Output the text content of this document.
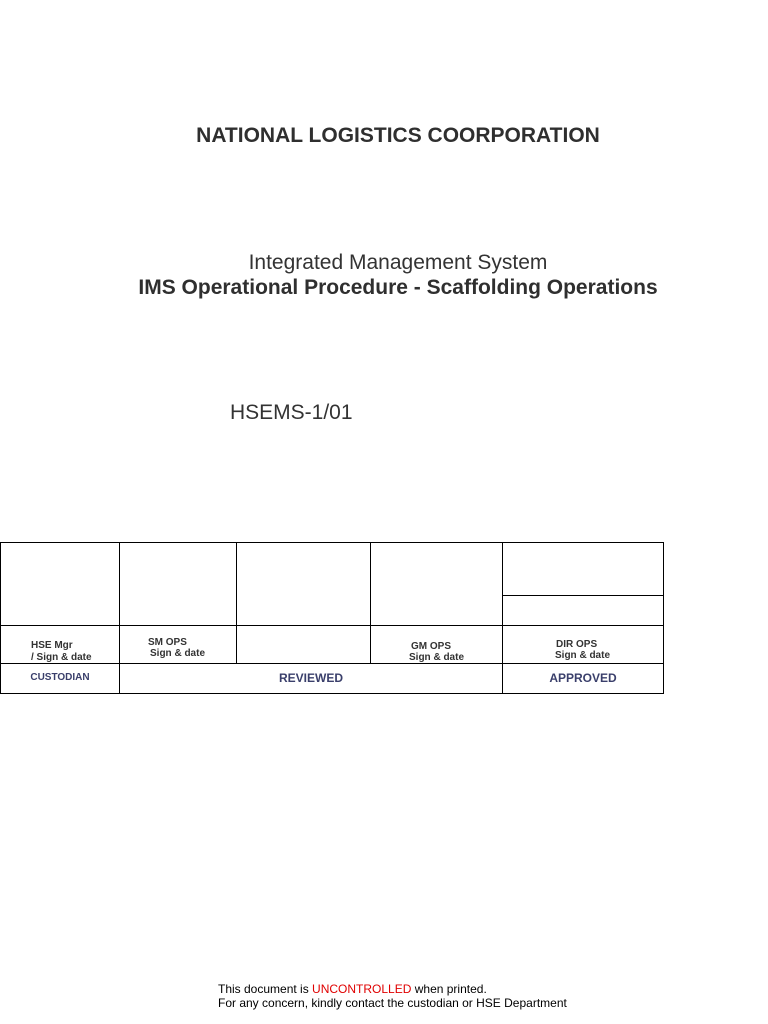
NATIONAL LOGISTICS COORPORATION
Integrated Management System
IMS Operational Procedure - Scaffolding Operations
HSEMS-1/01
HSE Mgr
/ Sign & date
SM OPS
Sign & date
GM OPS
Sign & date
DIR OPS
Sign & date
CUSTODIAN	REVIEWED	APPROVED
This document is UNCONTROLLED when printed.
For any concern, kindly contact the custodian or HSE Department
